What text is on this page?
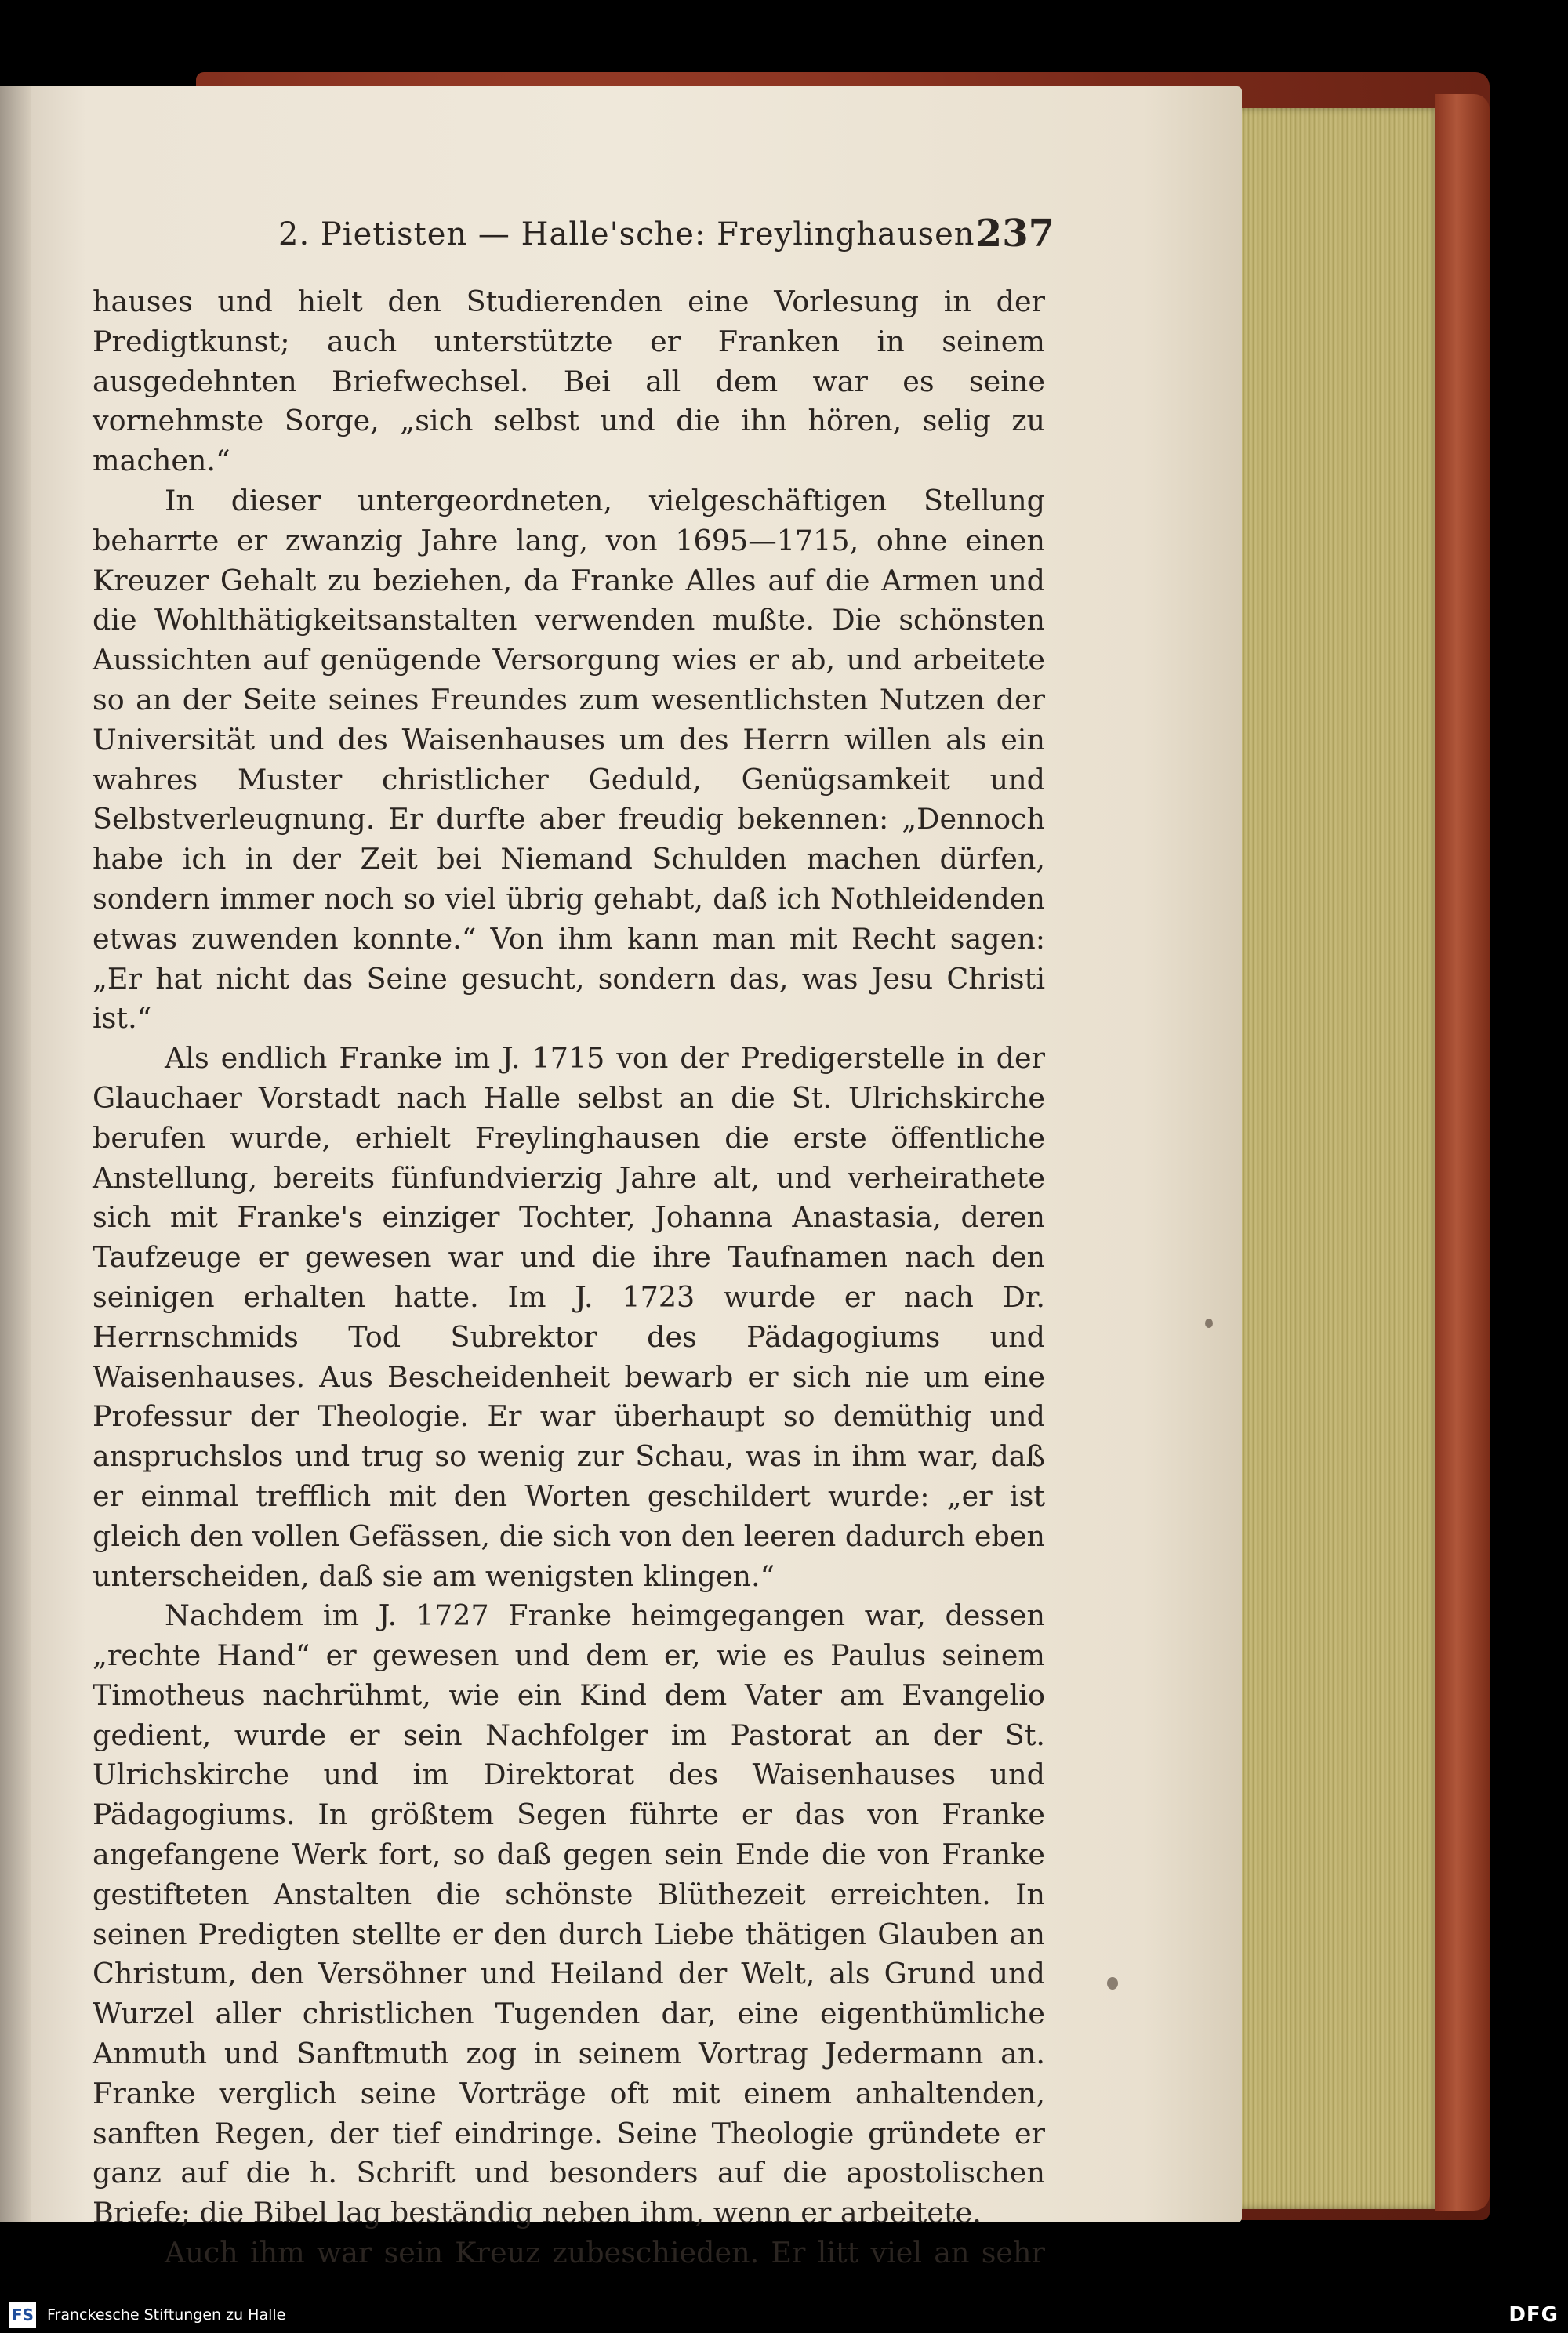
2. Pietisten — Halle'sche: Freylinghausen.
237

hauses und hielt den Studierenden eine Vorlesung in der Predigtkunst; auch unterstützte er Franken in seinem ausgedehnten Briefwechsel. Bei all dem war es seine vornehmste Sorge, „sich selbst und die ihn hören, selig zu machen.“

In dieser untergeordneten, vielgeschäftigen Stellung beharrte er zwanzig Jahre lang, von 1695—1715, ohne einen Kreuzer Gehalt zu beziehen, da Franke Alles auf die Armen und die Wohlthätigkeitsanstalten verwenden mußte. Die schönsten Aussichten auf genügende Versorgung wies er ab, und arbeitete so an der Seite seines Freundes zum wesentlichsten Nutzen der Universität und des Waisenhauses um des Herrn willen als ein wahres Muster christlicher Geduld, Genügsamkeit und Selbstverleugnung. Er durfte aber freudig bekennen: „Dennoch habe ich in der Zeit bei Niemand Schulden machen dürfen, sondern immer noch so viel übrig gehabt, daß ich Nothleidenden etwas zuwenden konnte.“ Von ihm kann man mit Recht sagen: „Er hat nicht das Seine gesucht, sondern das, was Jesu Christi ist.“

Als endlich Franke im J. 1715 von der Predigerstelle in der Glauchaer Vorstadt nach Halle selbst an die St. Ulrichskirche berufen wurde, erhielt Freylinghausen die erste öffentliche Anstellung, bereits fünfundvierzig Jahre alt, und verheirathete sich mit Franke's einziger Tochter, Johanna Anastasia, deren Taufzeuge er gewesen war und die ihre Taufnamen nach den seinigen erhalten hatte. Im J. 1723 wurde er nach Dr. Herrnschmids Tod Subrektor des Pädagogiums und Waisenhauses. Aus Bescheidenheit bewarb er sich nie um eine Professur der Theologie. Er war überhaupt so demüthig und anspruchslos und trug so wenig zur Schau, was in ihm war, daß er einmal trefflich mit den Worten geschildert wurde: „er ist gleich den vollen Gefässen, die sich von den leeren dadurch eben unterscheiden, daß sie am wenigsten klingen.“

Nachdem im J. 1727 Franke heimgegangen war, dessen „rechte Hand“ er gewesen und dem er, wie es Paulus seinem Timotheus nachrühmt, wie ein Kind dem Vater am Evangelio gedient, wurde er sein Nachfolger im Pastorat an der St. Ulrichskirche und im Direktorat des Waisenhauses und Pädagogiums. In größtem Segen führte er das von Franke angefangene Werk fort, so daß gegen sein Ende die von Franke gestifteten Anstalten die schönste Blüthezeit erreichten. In seinen Predigten stellte er den durch Liebe thätigen Glauben an Christum, den Versöhner und Heiland der Welt, als Grund und Wurzel aller christlichen Tugenden dar, eine eigenthümliche Anmuth und Sanftmuth zog in seinem Vortrag Jedermann an. Franke verglich seine Vorträge oft mit einem anhaltenden, sanften Regen, der tief eindringe. Seine Theologie gründete er ganz auf die h. Schrift und besonders auf die apostolischen Briefe; die Bibel lag beständig neben ihm, wenn er arbeitete.

Auch ihm war sein Kreuz zubeschieden. Er litt viel an sehr

FS Franckesche Stiftungen zu Halle	DFG
